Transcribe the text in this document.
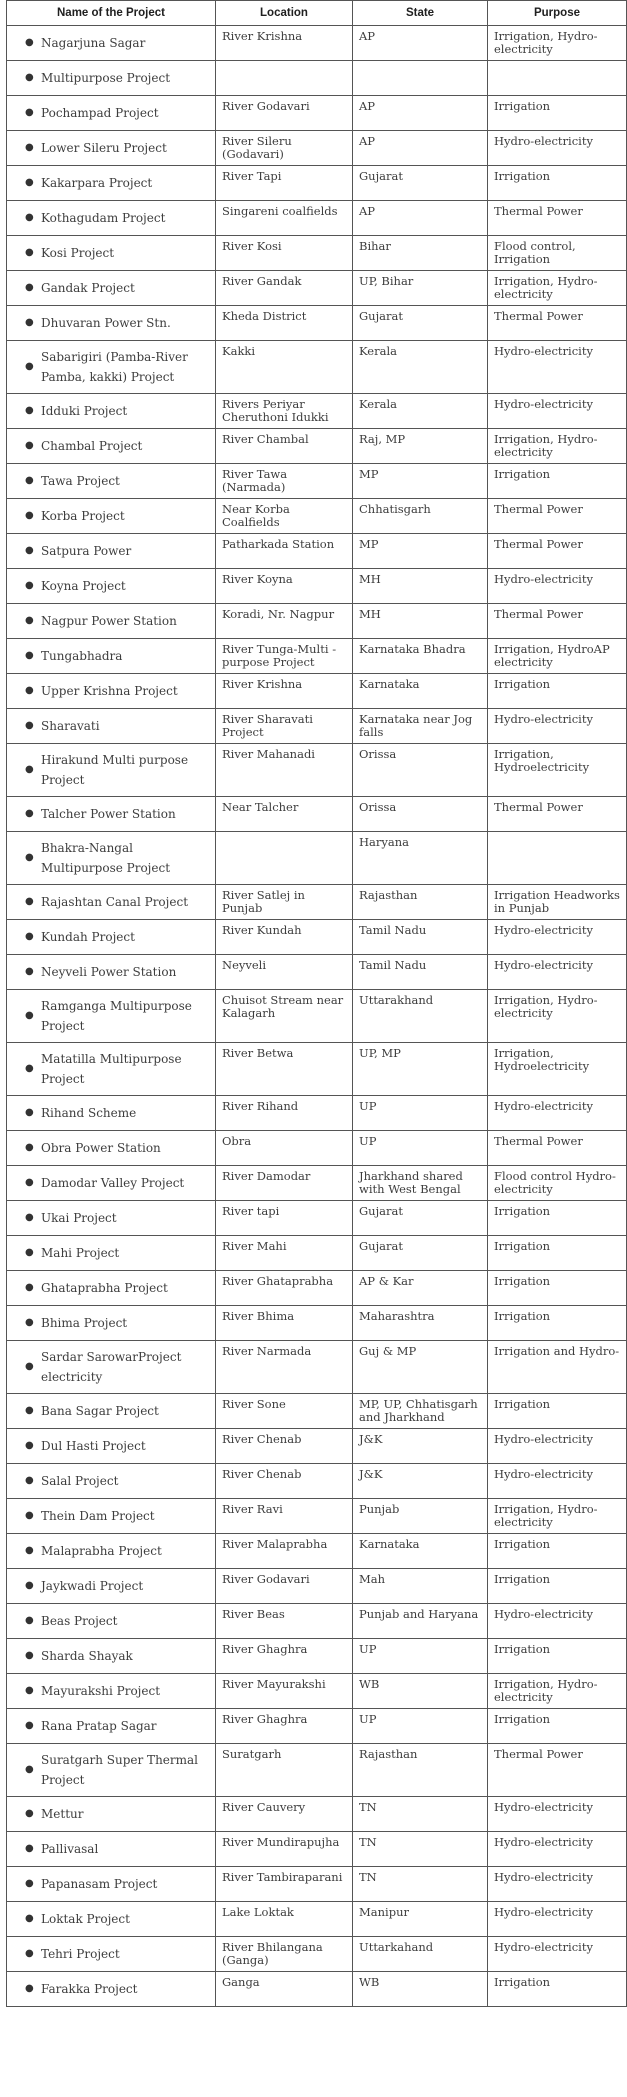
Name of the Project	Location	State	Purpose

● Nagarjuna Sagar	River Krishna	AP	Irrigation, Hydro-electricity

● Multipurpose Project			

● Pochampad Project	River Godavari	AP	Irrigation

● Lower Sileru Project	River Sileru (Godavari)	AP	Hydro-electricity

● Kakarpara Project	River Tapi	Gujarat	Irrigation

● Kothagudam Project	Singareni coalfields	AP	Thermal Power

● Kosi Project	River Kosi	Bihar	Flood control, Irrigation

● Gandak Project	River Gandak	UP, Bihar	Irrigation, Hydro-electricity

● Dhuvaran Power Stn.	Kheda District	Gujarat	Thermal Power

●
Sabarigiri (Pamba-River Pamba, kakki) Project	Kakki	Kerala	Hydro-electricity

● Idduki Project	Rivers Periyar Cheruthoni Idukki	Kerala	Hydro-electricity

● Chambal Project	River Chambal	Raj, MP	Irrigation, Hydro-electricity

● Tawa Project	River Tawa (Narmada)	MP	Irrigation

● Korba Project	Near Korba Coalfields	Chhatisgarh	Thermal Power

● Satpura Power	Patharkada Station	MP	Thermal Power

● Koyna Project	River Koyna	MH	Hydro-electricity

● Nagpur Power Station	Koradi, Nr. Nagpur	MH	Thermal Power

● Tungabhadra	River Tunga-Multi - purpose Project	Karnataka Bhadra	Irrigation, HydroAP electricity

● Upper Krishna Project	River Krishna	Karnataka	Irrigation

● Sharavati	River Sharavati Project	Karnataka near Jog falls	Hydro-electricity

●
Hirakund Multi purpose Project	River Mahanadi	Orissa	Irrigation, Hydroelectricity

● Talcher Power Station	Near Talcher	Orissa	Thermal Power

●
Bhakra-Nangal Multipurpose Project		Haryana	

● Rajashtan Canal Project	River Satlej in Punjab	Rajasthan	Irrigation Headworks in Punjab

● Kundah Project	River Kundah	Tamil Nadu	Hydro-electricity

● Neyveli Power Station	Neyveli	Tamil Nadu	Hydro-electricity

●
Ramganga Multipurpose Project	Chuisot Stream near Kalagarh	Uttarakhand	Irrigation, Hydro-electricity

●
Matatilla Multipurpose Project	River Betwa	UP, MP	Irrigation, Hydroelectricity

● Rihand Scheme	River Rihand	UP	Hydro-electricity

● Obra Power Station	Obra	UP	Thermal Power

● Damodar Valley Project	River Damodar	Jharkhand shared with West Bengal	Flood control Hydro-electricity

● Ukai Project	River tapi	Gujarat	Irrigation

● Mahi Project	River Mahi	Gujarat	Irrigation

● Ghataprabha Project	River Ghataprabha	AP & Kar	Irrigation

● Bhima Project	River Bhima	Maharashtra	Irrigation

●
Sardar SarowarProject electricity	River Narmada	Guj & MP	Irrigation and Hydro-

● Bana Sagar Project	River Sone	MP, UP, Chhatisgarh and Jharkhand	Irrigation

● Dul Hasti Project	River Chenab	J&K	Hydro-electricity

● Salal Project	River Chenab	J&K	Hydro-electricity

● Thein Dam Project	River Ravi	Punjab	Irrigation, Hydro-electricity

● Malaprabha Project	River Malaprabha	Karnataka	Irrigation

● Jaykwadi Project	River Godavari	Mah	Irrigation

● Beas Project	River Beas	Punjab and Haryana	Hydro-electricity

● Sharda Shayak	River Ghaghra	UP	Irrigation

● Mayurakshi Project	River Mayurakshi	WB	Irrigation, Hydro-electricity

● Rana Pratap Sagar	River Ghaghra	UP	Irrigation

●
Suratgarh Super Thermal Project	Suratgarh	Rajasthan	Thermal Power

● Mettur	River Cauvery	TN	Hydro-electricity

● Pallivasal	River Mundirapujha	TN	Hydro-electricity

● Papanasam Project	River Tambiraparani	TN	Hydro-electricity

● Loktak Project	Lake Loktak	Manipur	Hydro-electricity

● Tehri Project	River Bhilangana (Ganga)	Uttarkahand	Hydro-electricity

● Farakka Project	Ganga	WB	Irrigation
